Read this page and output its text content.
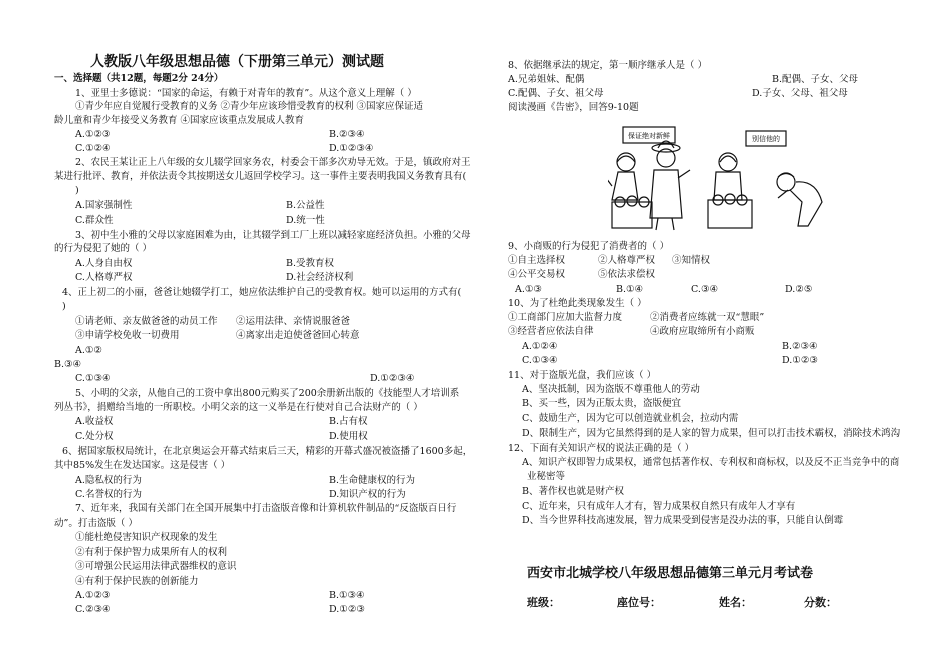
人教版八年级思想品德（下册第三单元）测试题
一、选择题（共12题，每题2分 24分）
1、亚里士多德说：“国家的命运，有赖于对青年的教育”。从这个意义上理解（ ）
①青少年应自觉履行受教育的义务 ②青少年应该珍惜受教育的权利 ③国家应保证适
龄儿童和青少年接受义务教育 ④国家应该重点发展成人教育
A.①②③	B.②③④
C.①②④	D.①②③④
2、农民王某让正上八年级的女儿辍学回家务农，村委会干部多次劝导无效。于是，镇政府对王
某进行批评、教育，并依法责令其按期送女儿返回学校学习。这一事件主要表明我国义务教育具有(
)
A.国家强制性	B.公益性
C.群众性	D.统一性
3、初中生小雅的父母以家庭困难为由，让其辍学到工厂上班以减轻家庭经济负担。小雅的父母
的行为侵犯了她的（ ）
A.人身自由权	B.受教育权
C.人格尊严权	D.社会经济权利
4、正上初二的小丽，爸爸让她辍学打工，她应依法维护自己的受教育权。她可以运用的方式有(
)
①请老师、亲友做爸爸的动员工作 ②运用法律、亲情说服爸爸
③申请学校免收一切费用	④离家出走迫使爸爸回心转意
A.①②
B.③④
C.①③④	D.①②③④
5、小明的父亲，从他自己的工资中拿出800元购买了200余册新出版的《技能型人才培训系
列丛书》，捐赠给当地的一所职校。小明父亲的这一义举是在行使对自己合法财产的（ ）
A.收益权	B.占有权
C.处分权	D.使用权
6、据国家版权局统计，在北京奥运会开幕式结束后三天，精彩的开幕式盛况被盗播了1600多起，
其中85%发生在发达国家。这是侵害（ ）
A.隐私权的行为	B.生命健康权的行为
C.名誉权的行为	D.知识产权的行为
7、近年来，我国有关部门在全国开展集中打击盗版音像和计算机软件制品的“反盗版百日行
动”。打击盗版（ ）
①能杜绝侵害知识产权现象的发生
②有利于保护智力成果所有人的权利
③可增强公民运用法律武器维权的意识
④有利于保护民族的创新能力
A.①②③	B.①③④
C.②③④	D.①②③
8、依据继承法的规定，第一顺序继承人是（ ）
A.兄弟姐妹、配偶	B.配偶、子女、父母
C.配偶、子女、祖父母	D.子女、父母、祖父母
阅读漫画《告密》，回答9-10题
保证绝对新鲜	别信他的
9、小商贩的行为侵犯了消费者的（ ）
①自主选择权	②人格尊严权 ③知情权
④公平交易权	⑤依法求偿权
A.①③	B.①④	C.③④	D.②⑤
10、为了杜绝此类现象发生（ ）
①工商部门应加大监督力度	②消费者应练就一双“慧眼”
③经营者应依法自律	④政府应取缔所有小商贩
A.①②④	B.②③④
C.①③④	D.①②③
11、对于盗版光盘，我们应该（ ）
A、坚决抵制，因为盗版不尊重他人的劳动
B、买一些，因为正版太贵，盗版便宜
C、鼓励生产，因为它可以创造就业机会，拉动内需
D、限制生产，因为它虽然得到的是人家的智力成果，但可以打击技术霸权，消除技术鸿沟
12、下面有关知识产权的说法正确的是（ ）
A、知识产权即智力成果权，通常包括著作权、专利权和商标权，以及反不正当竞争中的商
业秘密等
B、著作权也就是财产权
C、近年来，只有成年人才有，智力成果权自然只有成年人才享有
D、当今世界科技高速发展，智力成果受到侵害是没办法的事，只能自认倒霉
西安市北城学校八年级思想品德第三单元月考试卷
班级：	座位号：	姓名：	分数：
